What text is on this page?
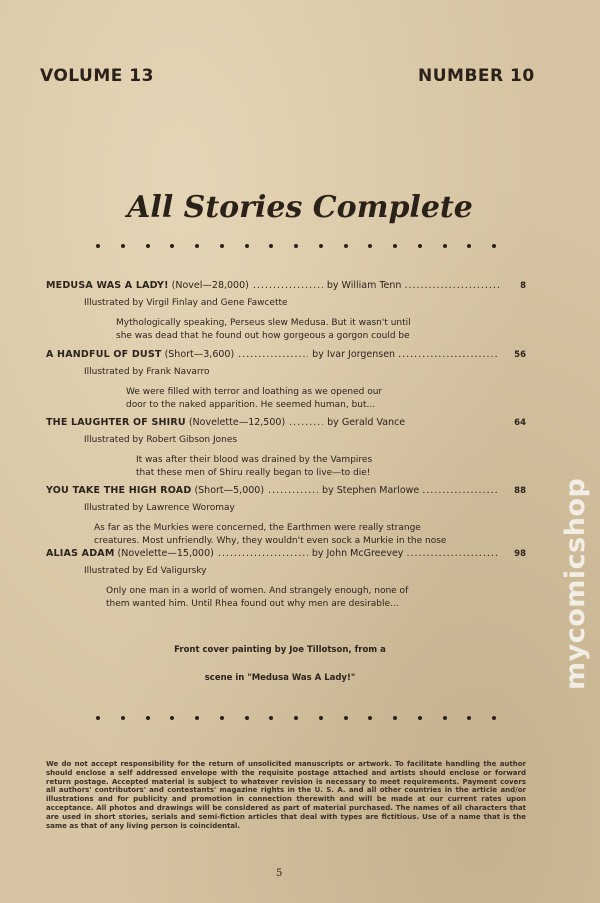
VOLUME 13	NUMBER 10
All Stories Complete
MEDUSA WAS A LADY! (Novel—28,000) .....	by William Tenn .....	8
Illustrated by Virgil Finlay and Gene Fawcette
Mythologically speaking, Perseus slew Medusa. But it wasn't until
she was dead that he found out how gorgeous a gorgon could be
A HANDFUL OF DUST (Short—3,600) .....	by Ivar Jorgensen .....	56
Illustrated by Frank Navarro
We were filled with terror and loathing as we opened our
door to the naked apparition. He seemed human, but...
THE LAUGHTER OF SHIRU (Novelette—12,500) .....	by Gerald Vance	64
Illustrated by Robert Gibson Jones
It was after their blood was drained by the Vampires
that these men of Shiru really began to live—to die!
YOU TAKE THE HIGH ROAD (Short—5,000) .....	by Stephen Marlowe .....	88
Illustrated by Lawrence Woromay
As far as the Murkies were concerned, the Earthmen were really strange
creatures. Most unfriendly. Why, they wouldn't even sock a Murkie in the nose
ALIAS ADAM (Novelette—15,000) .....	by John McGreevey .....	98
Illustrated by Ed Valigursky
Only one man in a world of women. And strangely enough, none of
them wanted him. Until Rhea found out why men are desirable...
Front cover painting by Joe Tillotson, from a
scene in "Medusa Was A Lady!"
We do not accept responsibility for the return of unsolicited manuscripts or artwork. To facilitate handling the author should enclose a self addressed envelope with the requisite postage attached and artists should enclose or forward return postage. Accepted material is subject to whatever revision is necessary to meet requirements. Payment covers all authors' contributors' and contestants' magazine rights in the U. S. A. and all other countries in the article and/or illustrations and for publicity and promotion in connection therewith and will be made at our current rates upon acceptance. All photos and drawings will be considered as part of material purchased. The names of all characters that are used in short stories, serials and semi-fiction articles that deal with types are fictitious. Use of a name that is the same as that of any living person is coincidental.
5
mycomicshop
